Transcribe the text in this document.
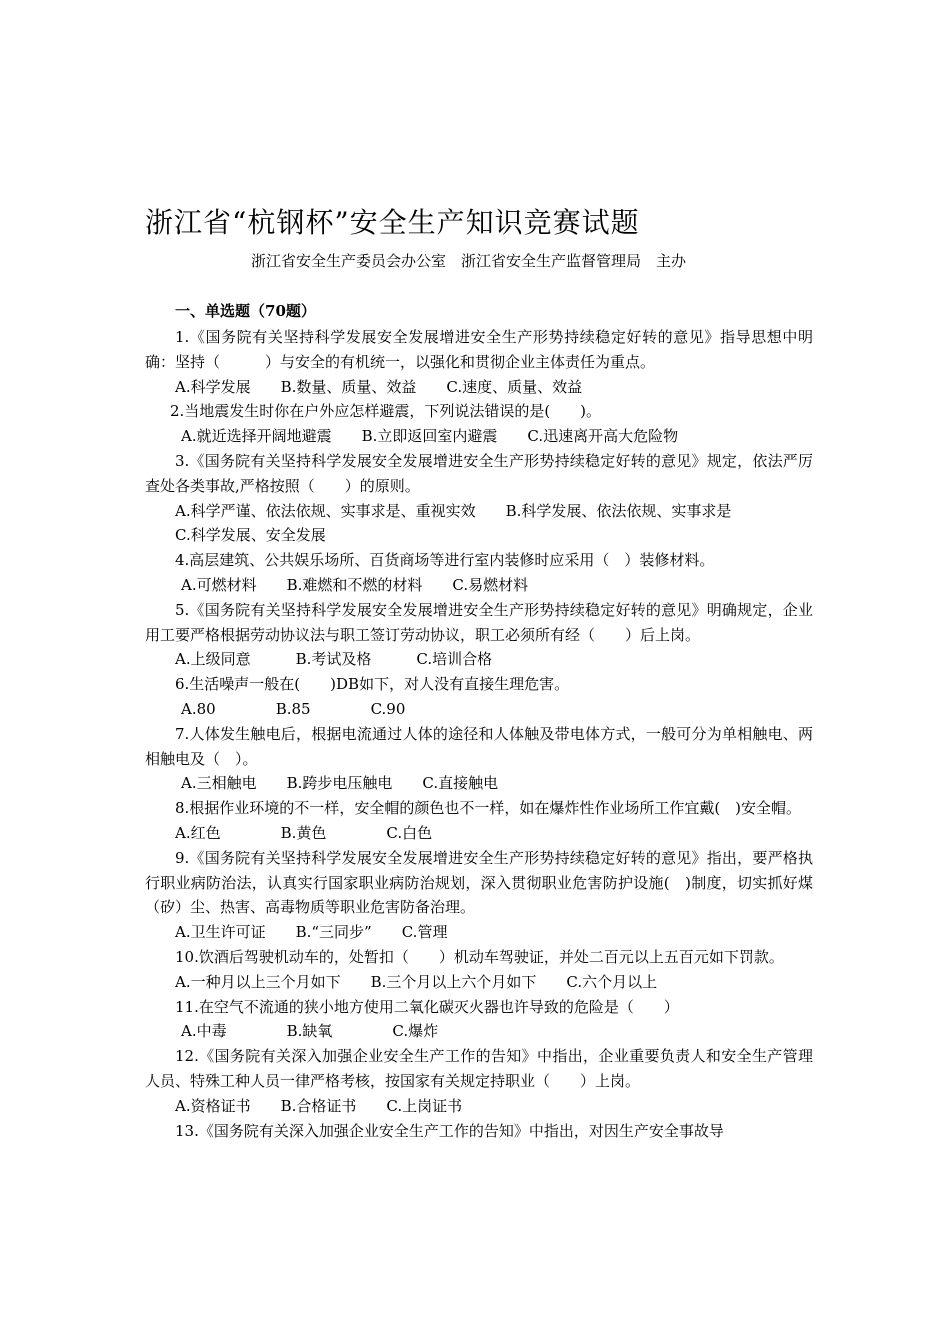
浙江省“杭钢杯”安全生产知识竞赛试题
浙江省安全生产委员会办公室　浙江省安全生产监督管理局　主办
一、单选题（70题）

1.《国务院有关坚持科学发展安全发展增进安全生产形势持续稳定好转的意见》指导思想中明确：坚持（　　　）与安全的有机统一，以强化和贯彻企业主体责任为重点。

A.科学发展　　B.数量、质量、效益　　C.速度、质量、效益

2.当地震发生时你在户外应怎样避震，下列说法错误的是(　　)。

A.就近选择开阔地避震　　B.立即返回室内避震　　C.迅速离开高大危险物

3.《国务院有关坚持科学发展安全发展增进安全生产形势持续稳定好转的意见》规定，依法严厉查处各类事故,严格按照（　　）的原则。

A.科学严谨、依法依规、实事求是、重视实效　　B.科学发展、依法依规、实事求是

C.科学发展、安全发展

4.高层建筑、公共娱乐场所、百货商场等进行室内装修时应采用（　）装修材料。

A.可燃材料　　B.难燃和不燃的材料　　C.易燃材料

5.《国务院有关坚持科学发展安全发展增进安全生产形势持续稳定好转的意见》明确规定，企业用工要严格根据劳动协议法与职工签订劳动协议，职工必须所有经（　　）后上岗。

A.上级同意　　　B.考试及格　　　C.培训合格

6.生活噪声一般在(　　)DB如下，对人没有直接生理危害。

A.80　　　　B.85　　　　C.90

7.人体发生触电后，根据电流通过人体的途径和人体触及带电体方式，一般可分为单相触电、两相触电及（　）。

A.三相触电　　B.跨步电压触电　　C.直接触电

8.根据作业环境的不一样，安全帽的颜色也不一样，如在爆炸性作业场所工作宜戴(　)安全帽。

A.红色　　　　B.黄色　　　　C.白色

9.《国务院有关坚持科学发展安全发展增进安全生产形势持续稳定好转的意见》指出，要严格执行职业病防治法，认真实行国家职业病防治规划，深入贯彻职业危害防护设施(　)制度，切实抓好煤（矽）尘、热害、高毒物质等职业危害防备治理。

A.卫生许可证　　B.“三同步”　　C.管理

10.饮酒后驾驶机动车的，处暂扣（　　）机动车驾驶证，并处二百元以上五百元如下罚款。

A.一种月以上三个月如下　　B.三个月以上六个月如下　　C.六个月以上

11.在空气不流通的狭小地方使用二氧化碳灭火器也许导致的危险是（　　）

A.中毒　　　　B.缺氧　　　　C.爆炸

12.《国务院有关深入加强企业安全生产工作的告知》中指出，企业重要负责人和安全生产管理人员、特殊工种人员一律严格考核，按国家有关规定持职业（　　）上岗。

A.资格证书　　B.合格证书　　C.上岗证书

13.《国务院有关深入加强企业安全生产工作的告知》中指出，对因生产安全事故导
